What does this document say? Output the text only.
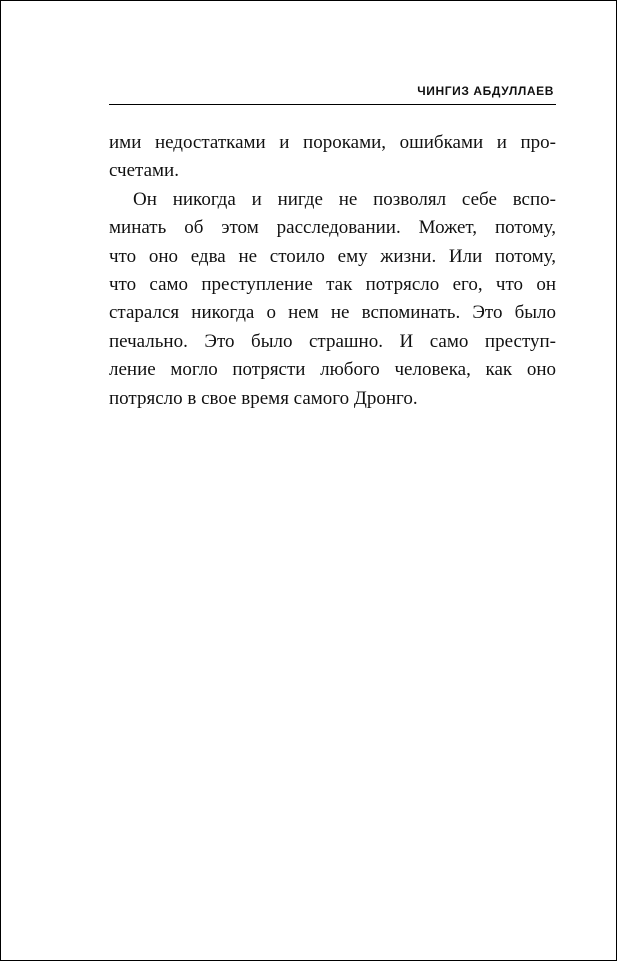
ЧИНГИЗ АБДУЛЛАЕВ
ими недостатками и пороками, ошибками и про-
счетами.
Он никогда и нигде не позволял себе вспо-
минать об этом расследовании. Может, потому,
что оно едва не стоило ему жизни. Или потому,
что само преступление так потрясло его, что он
старался никогда о нем не вспоминать. Это было
печально. Это было страшно. И само преступ-
ление могло потрясти любого человека, как оно
потрясло в свое время самого Дронго.
